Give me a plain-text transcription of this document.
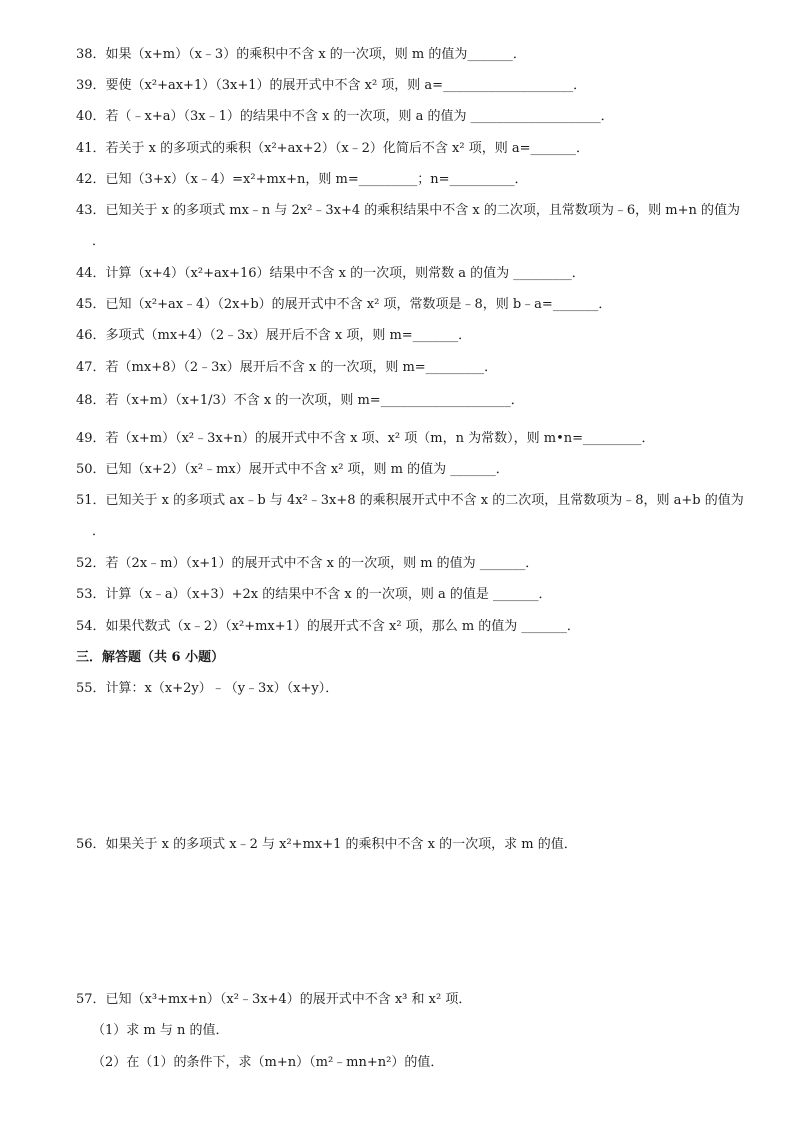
38．如果（x+m）（x﹣3）的乘积中不含 x 的一次项，则 m 的值为_______．
39．要使（x²+ax+1）（3x+1）的展开式中不含 x² 项，则 a=____________________．
40．若（﹣x+a）（3x﹣1）的结果中不含 x 的一次项，则 a 的值为 ____________________．
41．若关于 x 的多项式的乘积（x²+ax+2）（x﹣2）化简后不含 x² 项，则 a=_______．
42．已知（3+x）（x﹣4）=x²+mx+n，则 m=_________；n=__________．
43．已知关于 x 的多项式 mx﹣n 与 2x²﹣3x+4 的乘积结果中不含 x 的二次项，且常数项为﹣6，则 m+n 的值为
．
44．计算（x+4）（x²+ax+16）结果中不含 x 的一次项，则常数 a 的值为 _________．
45．已知（x²+ax﹣4）（2x+b）的展开式中不含 x² 项，常数项是﹣8，则 b﹣a=_______．
46．多项式（mx+4）（2﹣3x）展开后不含 x 项，则 m=_______．
47．若（mx+8）（2﹣3x）展开后不含 x 的一次项，则 m=_________．
48．若（x+m）（x+1/3）不含 x 的一次项，则 m=____________________．
49．若（x+m）（x²﹣3x+n）的展开式中不含 x 项、x² 项（m，n 为常数），则 m•n=_________．
50．已知（x+2）（x²﹣mx）展开式中不含 x² 项，则 m 的值为 _______．
51．已知关于 x 的多项式 ax﹣b 与 4x²﹣3x+8 的乘积展开式中不含 x 的二次项，且常数项为﹣8，则 a+b 的值为
．
52．若（2x﹣m）（x+1）的展开式中不含 x 的一次项，则 m 的值为 _______．
53．计算（x﹣a）（x+3）+2x 的结果中不含 x 的一次项，则 a 的值是 _______．
54．如果代数式（x﹣2）（x²+mx+1）的展开式不含 x² 项，那么 m 的值为 _______．
三．解答题（共 6 小题）
55．计算：x（x+2y）﹣（y﹣3x）（x+y）．
56．如果关于 x 的多项式 x﹣2 与 x²+mx+1 的乘积中不含 x 的一次项，求 m 的值．
57．已知（x³+mx+n）（x²﹣3x+4）的展开式中不含 x³ 和 x² 项．
（1）求 m 与 n 的值．
（2）在（1）的条件下，求（m+n）（m²﹣mn+n²）的值．
